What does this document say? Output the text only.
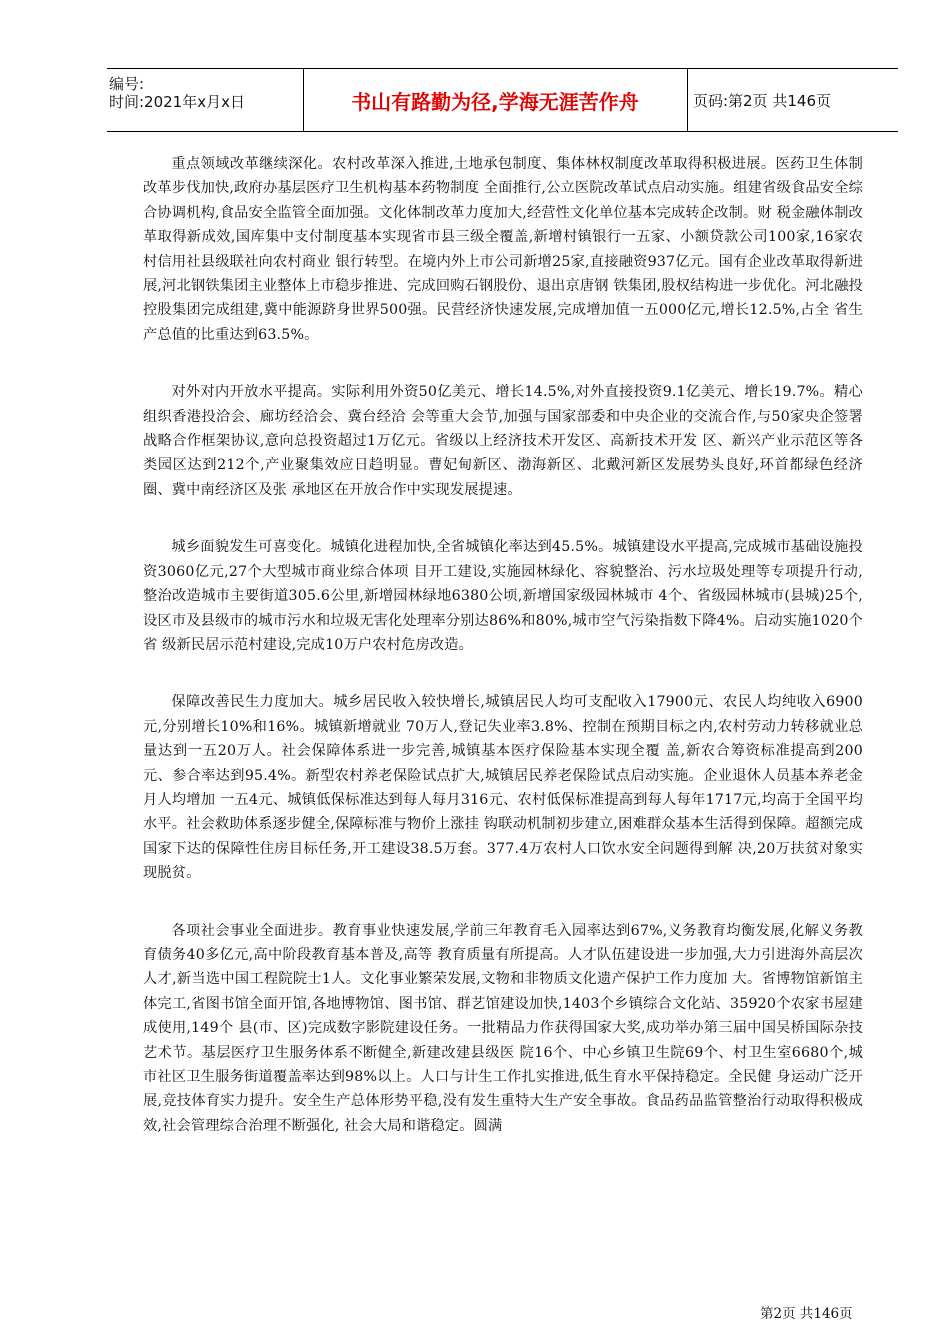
编号:
时间:2021年x月x日	书山有路勤为径,学海无涯苦作舟	页码:第2页 共146页

重点领域改革继续深化。农村改革深入推进,土地承包制度、集体林权制度改革取得积极进展。医药卫生体制改革步伐加快,政府办基层医疗卫生机构基本药物制度 全面推行,公立医院改革试点启动实施。组建省级食品安全综合协调机构,食品安全监管全面加强。文化体制改革力度加大,经营性文化单位基本完成转企改制。财 税金融体制改革取得新成效,国库集中支付制度基本实现省市县三级全覆盖,新增村镇银行一五家、小额贷款公司100家,16家农村信用社县级联社向农村商业 银行转型。在境内外上市公司新增25家,直接融资937亿元。国有企业改革取得新进展,河北钢铁集团主业整体上市稳步推进、完成回购石钢股份、退出京唐钢 铁集团,股权结构进一步优化。河北融投控股集团完成组建,冀中能源跻身世界500强。民营经济快速发展,完成增加值一五000亿元,增长12.5%,占全 省生产总值的比重达到63.5%。

对外对内开放水平提高。实际利用外资50亿美元、增长14.5%,对外直接投资9.1亿美元、增长19.7%。精心组织香港投洽会、廊坊经洽会、冀台经洽 会等重大会节,加强与国家部委和中央企业的交流合作,与50家央企签署战略合作框架协议,意向总投资超过1万亿元。省级以上经济技术开发区、高新技术开发 区、新兴产业示范区等各类园区达到212个,产业聚集效应日趋明显。曹妃甸新区、渤海新区、北戴河新区发展势头良好,环首都绿色经济圈、冀中南经济区及张 承地区在开放合作中实现发展提速。

城乡面貌发生可喜变化。城镇化进程加快,全省城镇化率达到45.5%。城镇建设水平提高,完成城市基础设施投资3060亿元,27个大型城市商业综合体项 目开工建设,实施园林绿化、容貌整治、污水垃圾处理等专项提升行动,整治改造城市主要街道305.6公里,新增园林绿地6380公顷,新增国家级园林城市 4个、省级园林城市(县城)25个,设区市及县级市的城市污水和垃圾无害化处理率分别达86%和80%,城市空气污染指数下降4%。启动实施1020个省 级新民居示范村建设,完成10万户农村危房改造。

保障改善民生力度加大。城乡居民收入较快增长,城镇居民人均可支配收入17900元、农民人均纯收入6900元,分别增长10%和16%。城镇新增就业 70万人,登记失业率3.8%、控制在预期目标之内,农村劳动力转移就业总量达到一五20万人。社会保障体系进一步完善,城镇基本医疗保险基本实现全覆 盖,新农合筹资标准提高到200元、参合率达到95.4%。新型农村养老保险试点扩大,城镇居民养老保险试点启动实施。企业退休人员基本养老金月人均增加 一五4元、城镇低保标准达到每人每月316元、农村低保标准提高到每人每年1717元,均高于全国平均水平。社会救助体系逐步健全,保障标准与物价上涨挂 钩联动机制初步建立,困难群众基本生活得到保障。超额完成国家下达的保障性住房目标任务,开工建设38.5万套。377.4万农村人口饮水安全问题得到解 决,20万扶贫对象实现脱贫。

各项社会事业全面进步。教育事业快速发展,学前三年教育毛入园率达到67%,义务教育均衡发展,化解义务教育债务40多亿元,高中阶段教育基本普及,高等 教育质量有所提高。人才队伍建设进一步加强,大力引进海外高层次人才,新当选中国工程院院士1人。文化事业繁荣发展,文物和非物质文化遗产保护工作力度加 大。省博物馆新馆主体完工,省图书馆全面开馆,各地博物馆、图书馆、群艺馆建设加快,1403个乡镇综合文化站、35920个农家书屋建成使用,149个 县(市、区)完成数字影院建设任务。一批精品力作获得国家大奖,成功举办第三届中国吴桥国际杂技艺术节。基层医疗卫生服务体系不断健全,新建改建县级医 院16个、中心乡镇卫生院69个、村卫生室6680个,城市社区卫生服务街道覆盖率达到98%以上。人口与计生工作扎实推进,低生育水平保持稳定。全民健 身运动广泛开展,竞技体育实力提升。安全生产总体形势平稳,没有发生重特大生产安全事故。食品药品监管整治行动取得积极成效,社会管理综合治理不断强化, 社会大局和谐稳定。圆满

第2页 共146页
